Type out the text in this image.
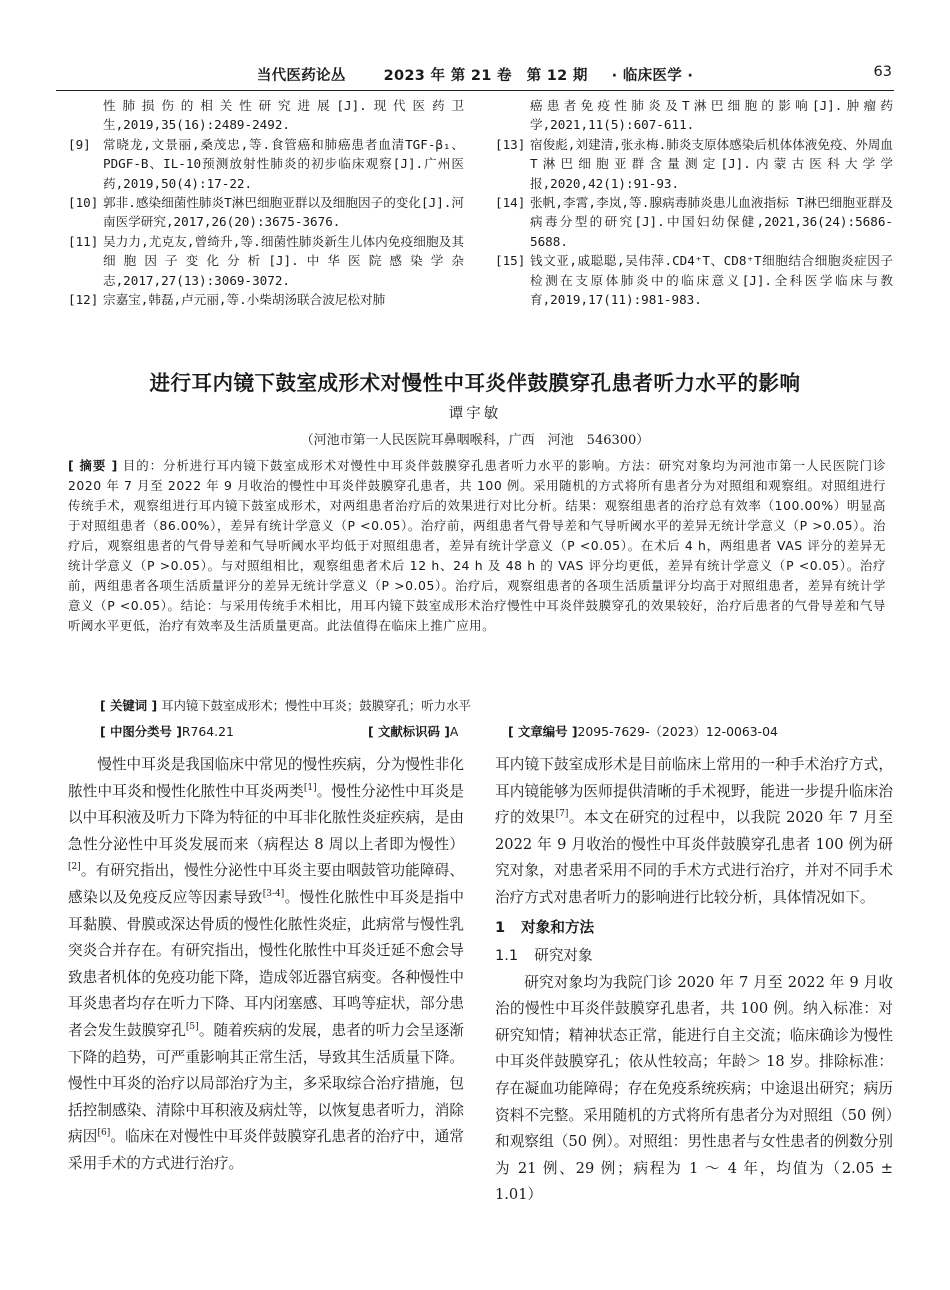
当代医药论丛	2023 年 第 21 卷　第 12 期 · 临床医学 ·	63
性肺损伤的相关性研究进展[J].现代医药卫生,2019,35(16):2489-2492.
[9] 常晓龙,文景丽,桑茂忠,等.食管癌和肺癌患者血清TGF-β₁、PDGF-B、IL-10预测放射性肺炎的初步临床观察[J].广州医药,2019,50(4):17-22.
[10] 郭非.感染细菌性肺炎T淋巴细胞亚群以及细胞因子的变化[J].河南医学研究,2017,26(20):3675-3676.
[11] 吴力力,尤克友,曾绮升,等.细菌性肺炎新生儿体内免疫细胞及其细胞因子变化分析[J].中华医院感染学杂志,2017,27(13):3069-3072.
[12] 宗嘉宝,韩磊,卢元丽,等.小柴胡汤联合波尼松对肺
癌患者免疫性肺炎及T淋巴细胞的影响[J].肿瘤药学,2021,11(5):607-611.
[13] 宿俊彪,刘建清,张永梅.肺炎支原体感染后机体体液免疫、外周血T淋巴细胞亚群含量测定[J].内蒙古医科大学学报,2020,42(1):91-93.
[14] 张帆,李霄,李岚,等.腺病毒肺炎患儿血液指标 T淋巴细胞亚群及病毒分型的研究[J].中国妇幼保健,2021,36(24):5686-5688.
[15] 钱文亚,戚聪聪,吴伟萍.CD4⁺T、CD8⁺T细胞结合细胞炎症因子检测在支原体肺炎中的临床意义[J].全科医学临床与教育,2019,17(11):981-983.
进行耳内镜下鼓室成形术对慢性中耳炎伴鼓膜穿孔患者听力水平的影响
谭宇敏
（河池市第一人民医院耳鼻咽喉科，广西　河池　546300）
[ 摘要 ] 目的：分析进行耳内镜下鼓室成形术对慢性中耳炎伴鼓膜穿孔患者听力水平的影响。方法：研究对象均为河池市第一人民医院门诊 2020 年 7 月至 2022 年 9 月收治的慢性中耳炎伴鼓膜穿孔患者，共 100 例。采用随机的方式将所有患者分为对照组和观察组。对照组进行传统手术，观察组进行耳内镜下鼓室成形术，对两组患者治疗后的效果进行对比分析。结果：观察组患者的治疗总有效率（100.00%）明显高于对照组患者（86.00%），差异有统计学意义（P <0.05）。治疗前，两组患者气骨导差和气导听阈水平的差异无统计学意义（P >0.05）。治疗后，观察组患者的气骨导差和气导听阈水平均低于对照组患者，差异有统计学意义（P <0.05）。在术后 4 h，两组患者 VAS 评分的差异无统计学意义（P >0.05）。与对照组相比，观察组患者术后 12 h、24 h 及 48 h 的 VAS 评分均更低，差异有统计学意义（P <0.05）。治疗前，两组患者各项生活质量评分的差异无统计学意义（P >0.05）。治疗后，观察组患者的各项生活质量评分均高于对照组患者，差异有统计学意义（P <0.05）。结论：与采用传统手术相比，用耳内镜下鼓室成形术治疗慢性中耳炎伴鼓膜穿孔的效果较好，治疗后患者的气骨导差和气导听阈水平更低，治疗有效率及生活质量更高。此法值得在临床上推广应用。
[ 关键词 ] 耳内镜下鼓室成形术；慢性中耳炎；鼓膜穿孔；听力水平
[ 中图分类号 ]R764.21	[ 文献标识码 ]A	[ 文章编号 ]2095-7629-（2023）12-0063-04

慢性中耳炎是我国临床中常见的慢性疾病，分为慢性非化脓性中耳炎和慢性化脓性中耳炎两类[1]。慢性分泌性中耳炎是以中耳积液及听力下降为特征的中耳非化脓性炎症疾病，是由急性分泌性中耳炎发展而来（病程达 8 周以上者即为慢性）[2]。有研究指出，慢性分泌性中耳炎主要由咽鼓管功能障碍、感染以及免疫反应等因素导致[3-4]。慢性化脓性中耳炎是指中耳黏膜、骨膜或深达骨质的慢性化脓性炎症，此病常与慢性乳突炎合并存在。有研究指出，慢性化脓性中耳炎迁延不愈会导致患者机体的免疫功能下降，造成邻近器官病变。各种慢性中耳炎患者均存在听力下降、耳内闭塞感、耳鸣等症状，部分患者会发生鼓膜穿孔[5]。随着疾病的发展，患者的听力会呈逐渐下降的趋势，可严重影响其正常生活，导致其生活质量下降。慢性中耳炎的治疗以局部治疗为主，多采取综合治疗措施，包括控制感染、清除中耳积液及病灶等，以恢复患者听力，消除病因[6]。临床在对慢性中耳炎伴鼓膜穿孔患者的治疗中，通常采用手术的方式进行治疗。

耳内镜下鼓室成形术是目前临床上常用的一种手术治疗方式，耳内镜能够为医师提供清晰的手术视野，能进一步提升临床治疗的效果[7]。本文在研究的过程中，以我院 2020 年 7 月至 2022 年 9 月收治的慢性中耳炎伴鼓膜穿孔患者 100 例为研究对象，对患者采用不同的手术方式进行治疗，并对不同手术治疗方式对患者听力的影响进行比较分析，具体情况如下。

1 对象和方法
1.1 研究对象

研究对象均为我院门诊 2020 年 7 月至 2022 年 9 月收治的慢性中耳炎伴鼓膜穿孔患者，共 100 例。纳入标准：对研究知情；精神状态正常，能进行自主交流；临床确诊为慢性中耳炎伴鼓膜穿孔；依从性较高；年龄＞ 18 岁。排除标准：存在凝血功能障碍；存在免疫系统疾病；中途退出研究；病历资料不完整。采用随机的方式将所有患者分为对照组（50 例）和观察组（50 例）。对照组：男性患者与女性患者的例数分别为 21 例、29 例；病程为 1 ～ 4 年，均值为（2.05 ± 1.01）
